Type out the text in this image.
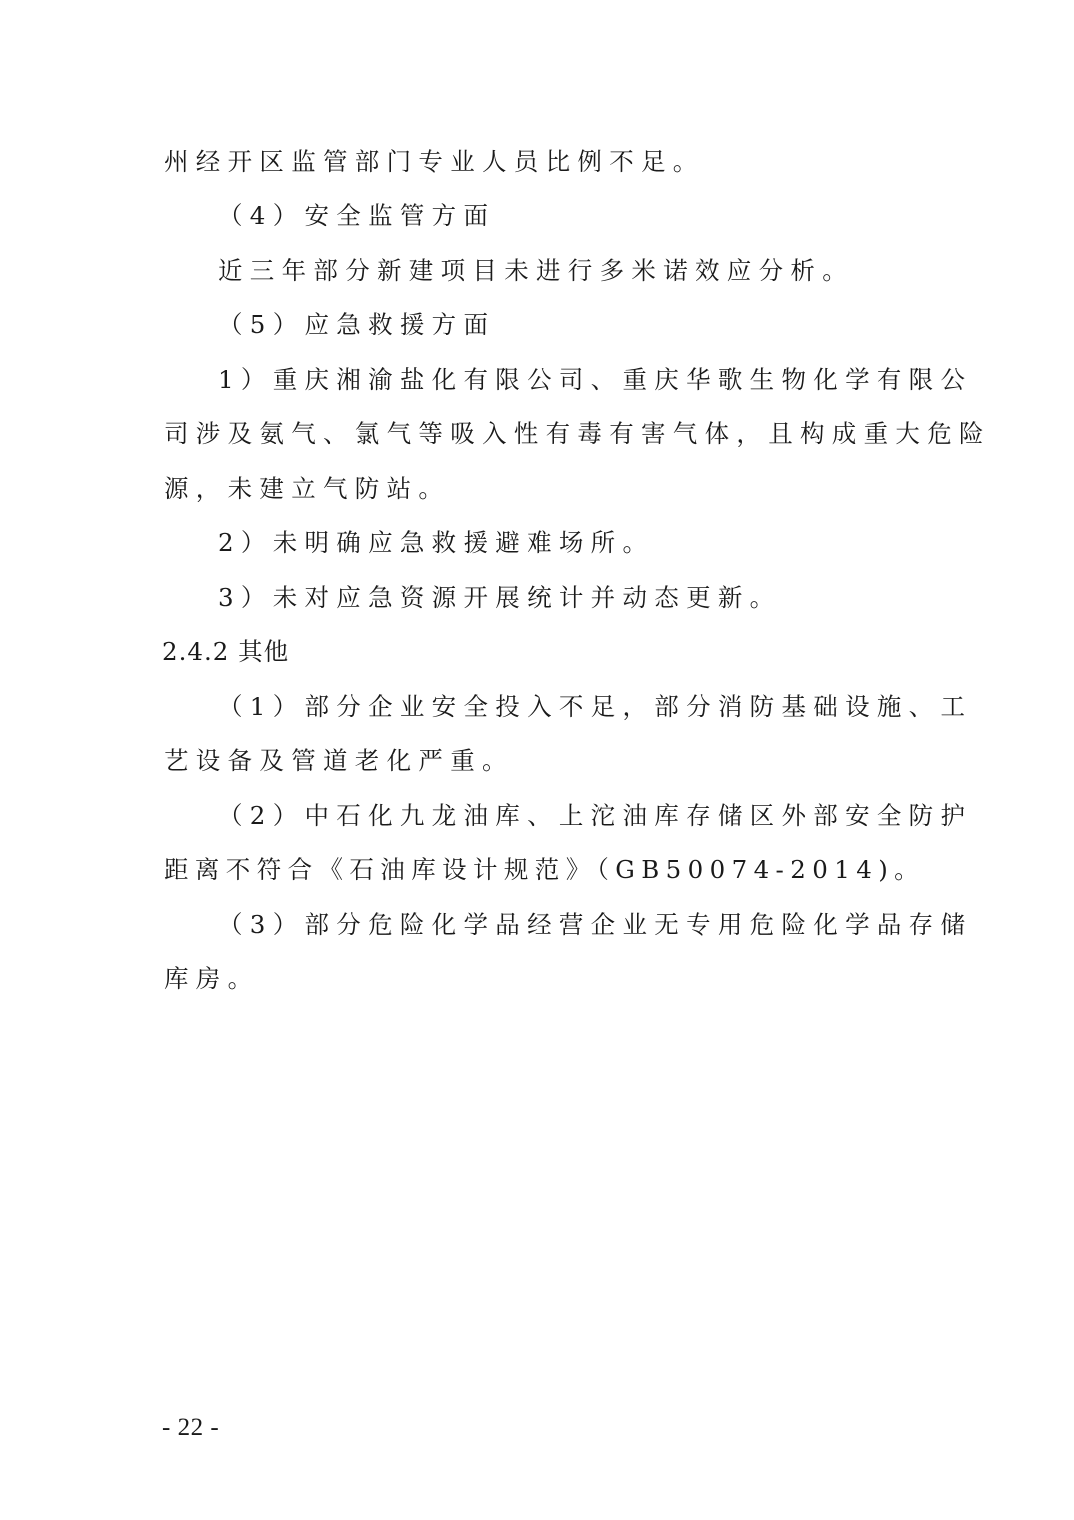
州经开区监管部门专业人员比例不足。
（4）安全监管方面
近三年部分新建项目未进行多米诺效应分析。
（5）应急救援方面
1）重庆湘渝盐化有限公司、重庆华歌生物化学有限公
司涉及氨气、氯气等吸入性有毒有害气体，且构成重大危险
源，未建立气防站。
2）未明确应急救援避难场所。
3）未对应急资源开展统计并动态更新。
2.4.2 其他
（1）部分企业安全投入不足，部分消防基础设施、工
艺设备及管道老化严重。
（2）中石化九龙油库、上沱油库存储区外部安全防护
距离不符合《石油库设计规范》（GB50074-2014)。
（3）部分危险化学品经营企业无专用危险化学品存储
库房。
- 22 -
